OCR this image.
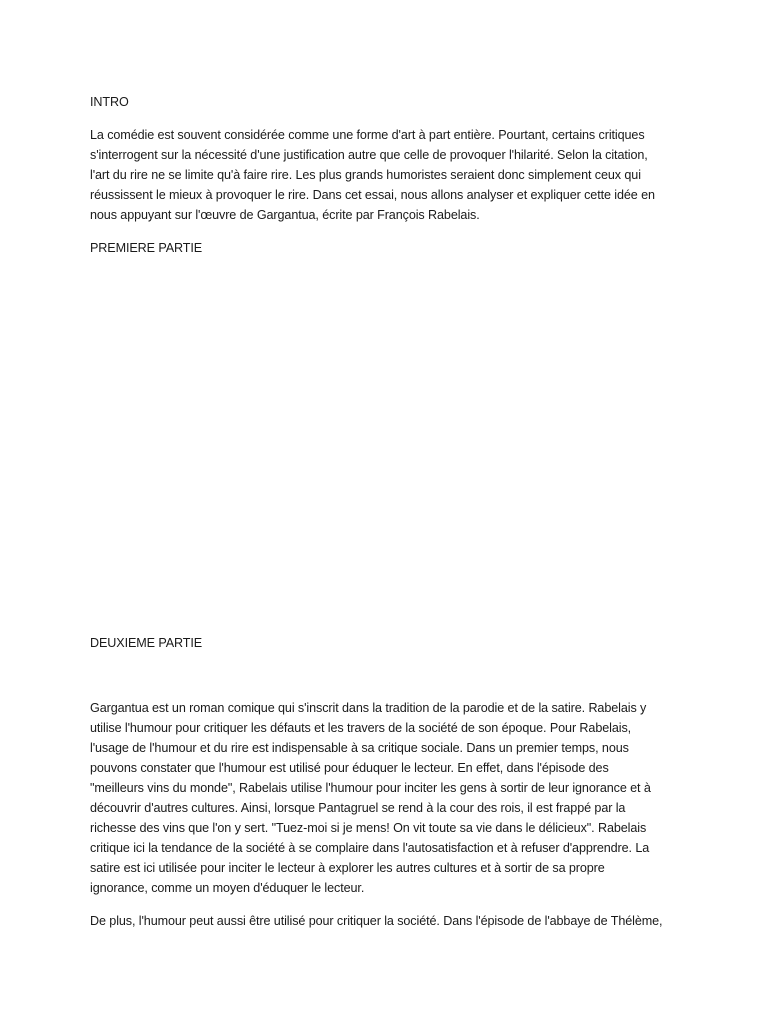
INTRO

La comédie est souvent considérée comme une forme d'art à part entière. Pourtant, certains critiques
s'interrogent sur la nécessité d'une justification autre que celle de provoquer l'hilarité. Selon la citation,
l'art du rire ne se limite qu'à faire rire. Les plus grands humoristes seraient donc simplement ceux qui
réussissent le mieux à provoquer le rire. Dans cet essai, nous allons analyser et expliquer cette idée en
nous appuyant sur l'œuvre de Gargantua, écrite par François Rabelais.

PREMIERE PARTIE

DEUXIEME PARTIE

Gargantua est un roman comique qui s'inscrit dans la tradition de la parodie et de la satire. Rabelais y
utilise l'humour pour critiquer les défauts et les travers de la société de son époque. Pour Rabelais,
l'usage de l'humour et du rire est indispensable à sa critique sociale. Dans un premier temps, nous
pouvons constater que l'humour est utilisé pour éduquer le lecteur. En effet, dans l'épisode des
"meilleurs vins du monde", Rabelais utilise l'humour pour inciter les gens à sortir de leur ignorance et à
découvrir d'autres cultures. Ainsi, lorsque Pantagruel se rend à la cour des rois, il est frappé par la
richesse des vins que l'on y sert. "Tuez-moi si je mens! On vit toute sa vie dans le délicieux". Rabelais
critique ici la tendance de la société à se complaire dans l'autosatisfaction et à refuser d'apprendre. La
satire est ici utilisée pour inciter le lecteur à explorer les autres cultures et à sortir de sa propre
ignorance, comme un moyen d'éduquer le lecteur.

De plus, l'humour peut aussi être utilisé pour critiquer la société. Dans l'épisode de l'abbaye de Thélème,
